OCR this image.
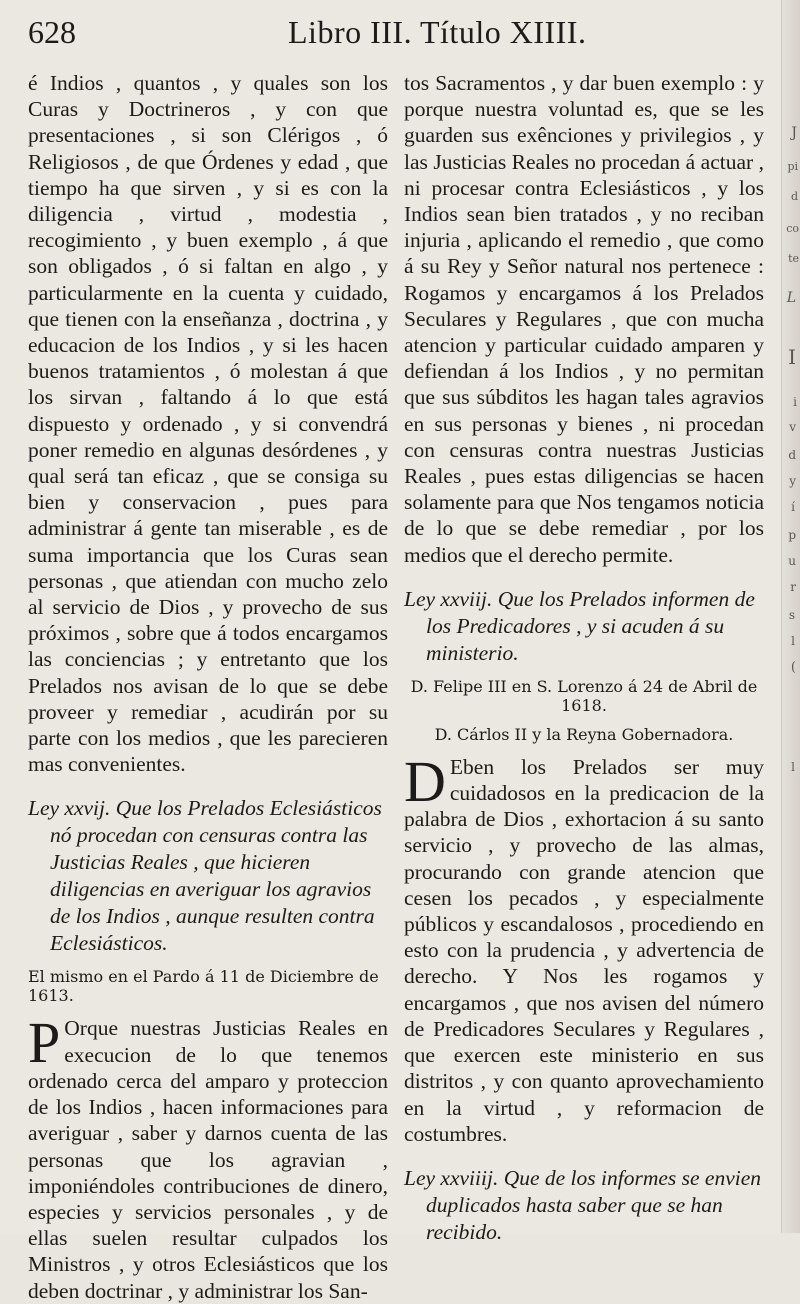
628	Libro III. Título XIIII.

é Indios , quantos , y quales son los Curas y Doctrineros , y con que presentaciones , si son Clérigos , ó Religiosos , de que Órdenes y edad , que tiempo ha que sirven , y si es con la diligencia , virtud , modestia , recogimiento , y buen exemplo , á que son obligados , ó si faltan en algo , y particularmente en la cuenta y cuidado, que tienen con la enseñanza , doctrina , y educacion de los Indios , y si les hacen buenos tratamientos , ó molestan á que los sirvan , faltando á lo que está dispuesto y ordenado , y si convendrá poner remedio en algunas desórdenes , y qual será tan eficaz , que se consiga su bien y conservacion , pues para administrar á gente tan miserable , es de suma importancia que los Curas sean personas , que atiendan con mucho zelo al servicio de Dios , y provecho de sus próximos , sobre que á todos encargamos las conciencias ; y entretanto que los Prelados nos avisan de lo que se debe proveer y remediar , acudirán por su parte con los medios , que les parecieren mas convenientes.

Ley xxvij. Que los Prelados Eclesiásticos nó procedan con censuras contra las Justicias Reales , que hicieren diligencias en averiguar los agravios de los Indios , aunque resulten contra Eclesiásticos.

El mismo en el Pardo á 11 de Diciembre de 1613.

P Orque nuestras Justicias Reales en execucion de lo que tenemos ordenado cerca del amparo y proteccion de los Indios , hacen informaciones para averiguar , saber y darnos cuenta de las personas que los agravian , imponiéndoles contribuciones de dinero, especies y servicios personales , y de ellas suelen resultar culpados los Ministros , y otros Eclesiásticos que los deben doctrinar , y administrar los San-

tos Sacramentos , y dar buen exemplo : y porque nuestra voluntad es, que se les guarden sus exênciones y privilegios , y las Justicias Reales no procedan á actuar , ni procesar contra Eclesiásticos , y los Indios sean bien tratados , y no reciban injuria , aplicando el remedio , que como á su Rey y Señor natural nos pertenece : Rogamos y encargamos á los Prelados Seculares y Regulares , que con mucha atencion y particular cuidado amparen y defiendan á los Indios , y no permitan que sus súbditos les hagan tales agravios en sus personas y bienes , ni procedan con censuras contra nuestras Justicias Reales , pues estas diligencias se hacen solamente para que Nos tengamos noticia de lo que se debe remediar , por los medios que el derecho permite.

Ley xxviij. Que los Prelados informen de los Predicadores , y si acuden á su ministerio.

D. Felipe III en S. Lorenzo á 24 de Abril de 1618.

D. Cárlos II y la Reyna Gobernadora.

D Eben los Prelados ser muy cuidadosos en la predicacion de la palabra de Dios , exhortacion á su santo servicio , y provecho de las almas, procurando con grande atencion que cesen los pecados , y especialmente públicos y escandalosos , procediendo en esto con la prudencia , y advertencia de derecho. Y Nos les rogamos y encargamos , que nos avisen del número de Predicadores Seculares y Regulares , que exercen este ministerio en sus distritos , y con quanto aprovechamiento en la virtud , y reformacion de costumbres.

Ley xxviiij. Que de los informes se envien duplicados hasta saber que se han recibido.

J
pi
d
co
te
L
I
i
v
d
y
í
p
u
r
s
l
(
l
